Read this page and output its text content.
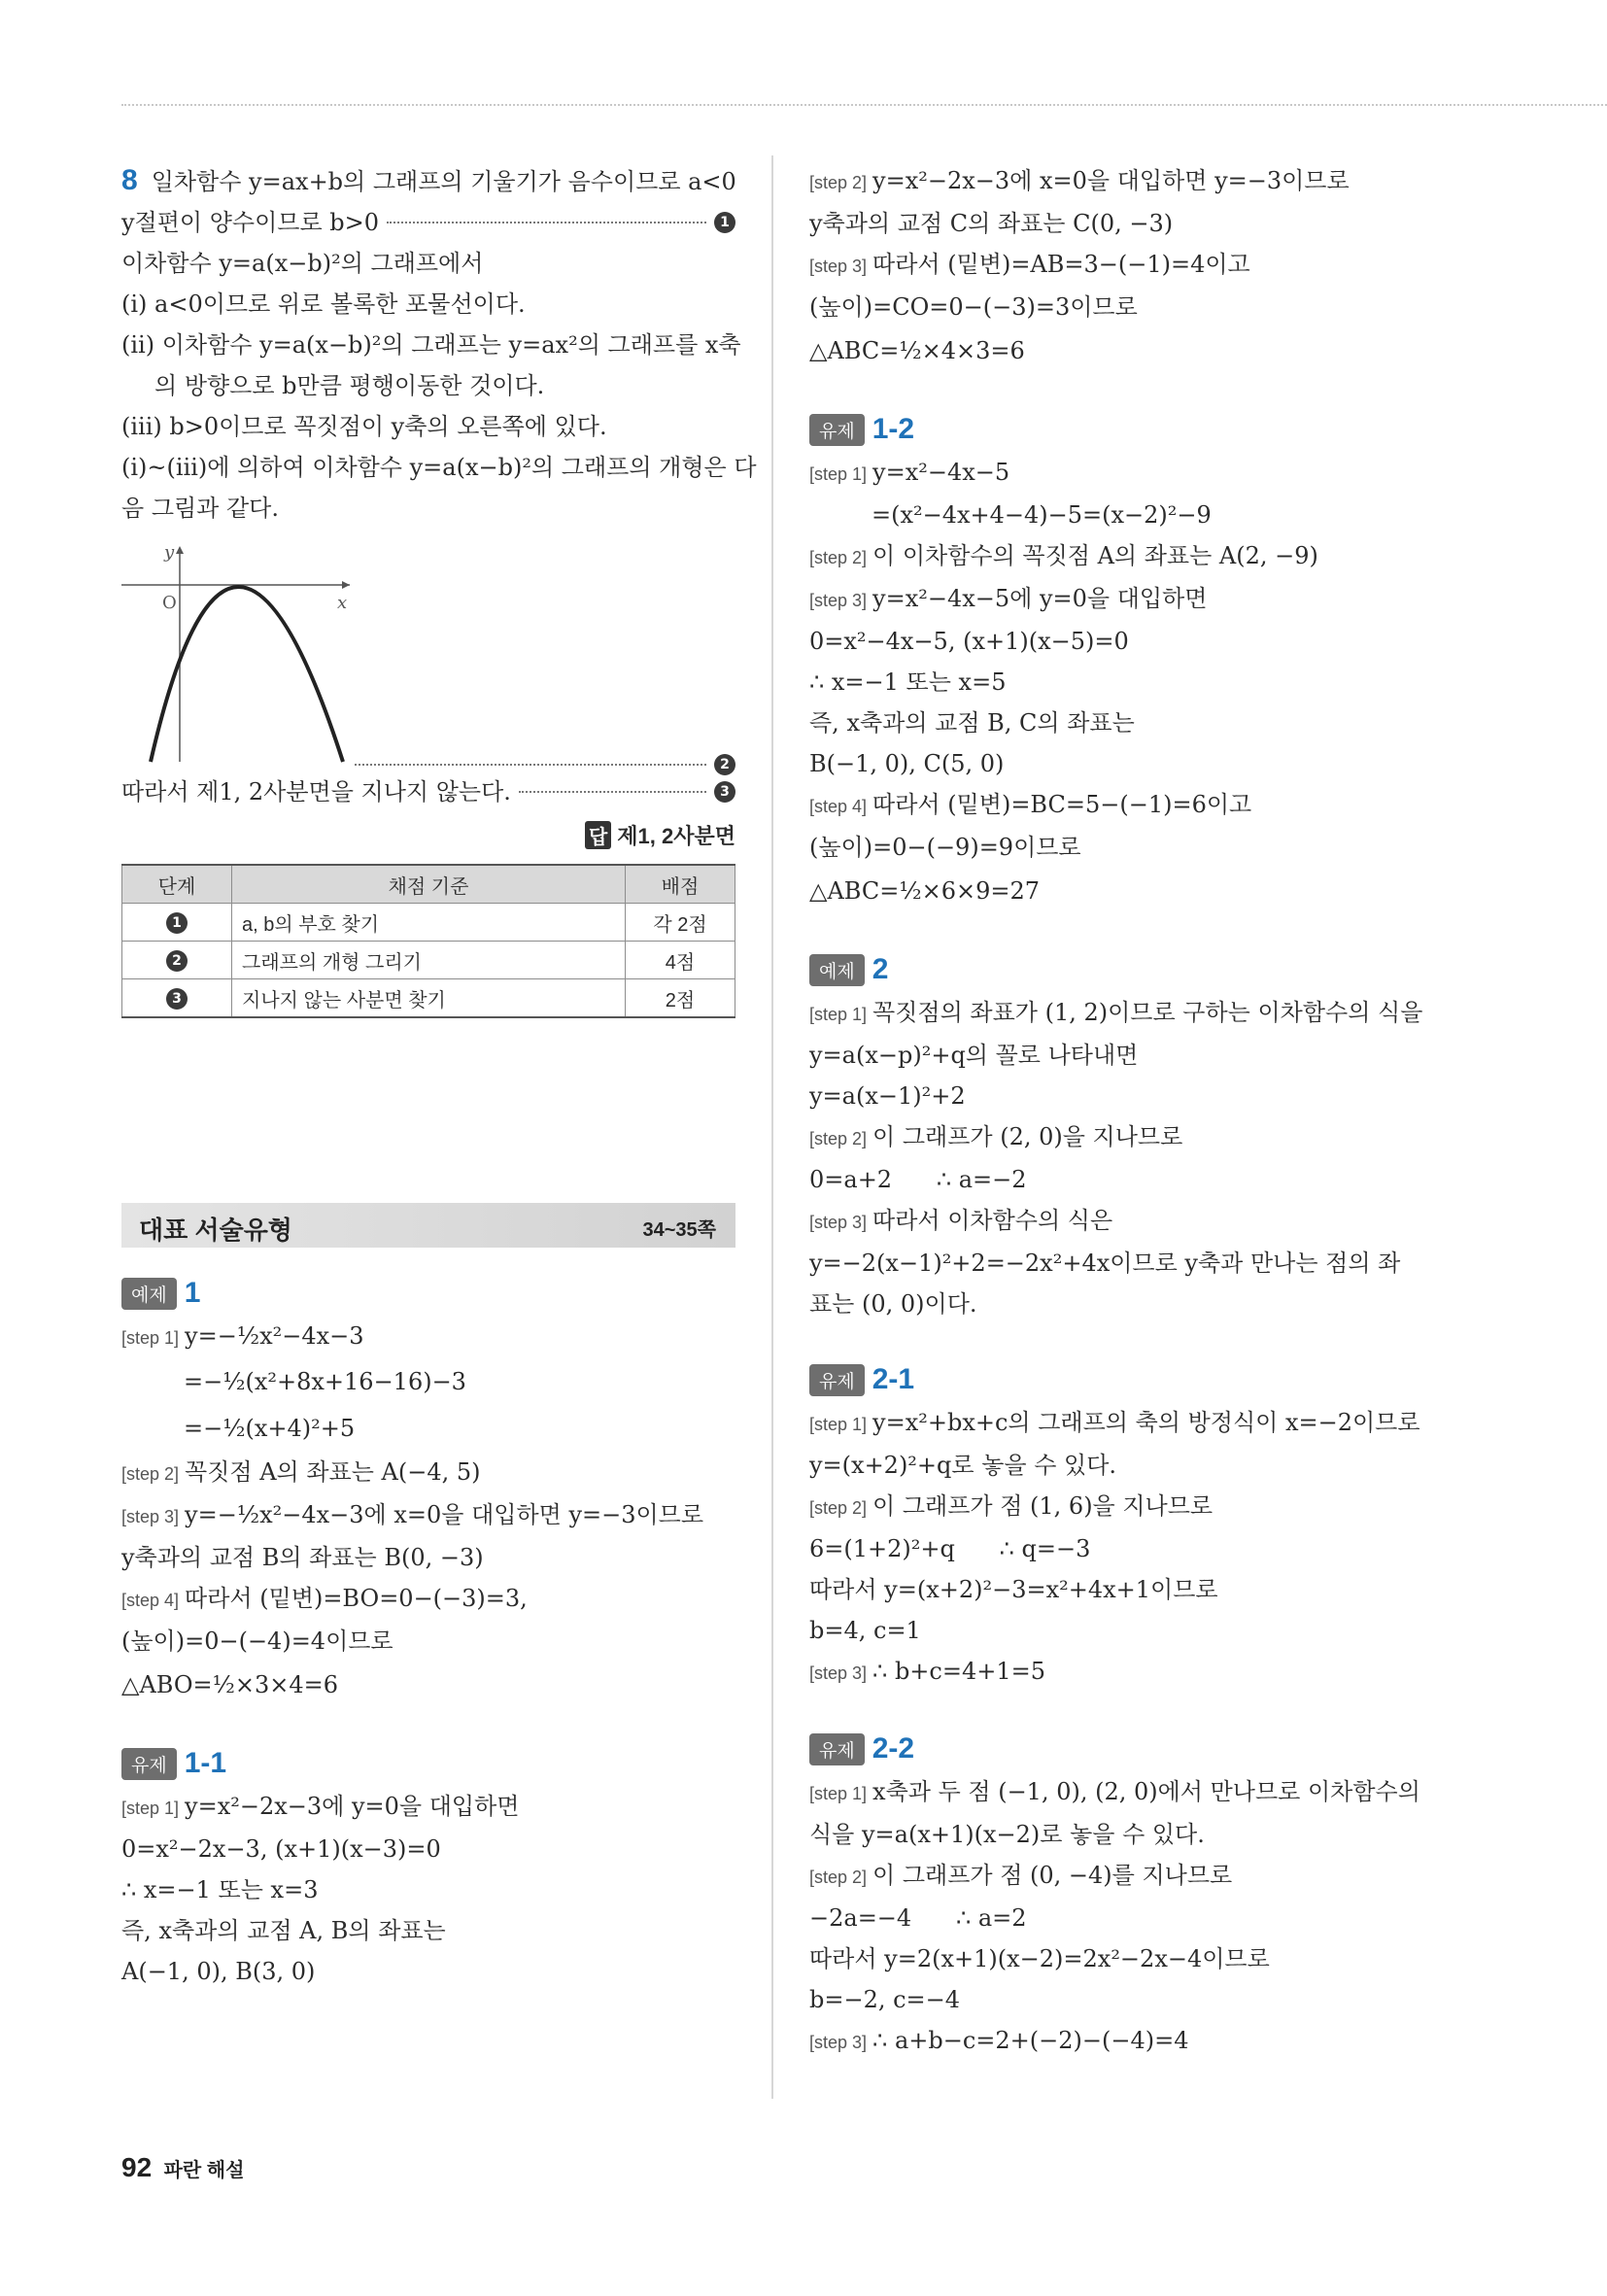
8 일차함수 y=ax+b의 그래프의 기울기가 음수이므로 a<0
y절편이 양수이므로 b>0	1
이차함수 y=a(x−b)²의 그래프에서
(ⅰ) a<0이므로 위로 볼록한 포물선이다.
(ⅱ) 이차함수 y=a(x−b)²의 그래프는 y=ax²의 그래프를 x축
의 방향으로 b만큼 평행이동한 것이다.
(ⅲ) b>0이므로 꼭짓점이 y축의 오른쪽에 있다.
(ⅰ)~(ⅲ)에 의하여 이차함수 y=a(x−b)²의 그래프의 개형은 다
음 그림과 같다.
y
x
O
2
따라서 제1, 2사분면을 지나지 않는다.	3
답 제1, 2사분면
단계	채점 기준	배점
1	a, b의 부호 찾기	각 2점
2	그래프의 개형 그리기	4점
3	지나지 않는 사분면 찾기	2점
대표 서술유형	34~35쪽
예제 1
[step 1] y=−½x²−4x−3
=−½(x²+8x+16−16)−3
=−½(x+4)²+5
[step 2] 꼭짓점 A의 좌표는 A(−4, 5)
[step 3] y=−½x²−4x−3에 x=0을 대입하면 y=−3이므로
y축과의 교점 B의 좌표는 B(0, −3)
[step 4] 따라서 (밑변)=BO=0−(−3)=3,
(높이)=0−(−4)=4이므로
△ABO=½×3×4=6
유제 1-1
[step 1] y=x²−2x−3에 y=0을 대입하면
0=x²−2x−3, (x+1)(x−3)=0
∴ x=−1 또는 x=3
즉, x축과의 교점 A, B의 좌표는
A(−1, 0), B(3, 0)
[step 2] y=x²−2x−3에 x=0을 대입하면 y=−3이므로
y축과의 교점 C의 좌표는 C(0, −3)
[step 3] 따라서 (밑변)=AB=3−(−1)=4이고
(높이)=CO=0−(−3)=3이므로
△ABC=½×4×3=6
유제 1-2
[step 1] y=x²−4x−5
=(x²−4x+4−4)−5=(x−2)²−9
[step 2] 이 이차함수의 꼭짓점 A의 좌표는 A(2, −9)
[step 3] y=x²−4x−5에 y=0을 대입하면
0=x²−4x−5, (x+1)(x−5)=0
∴ x=−1 또는 x=5
즉, x축과의 교점 B, C의 좌표는
B(−1, 0), C(5, 0)
[step 4] 따라서 (밑변)=BC=5−(−1)=6이고
(높이)=0−(−9)=9이므로
△ABC=½×6×9=27
예제 2
[step 1] 꼭짓점의 좌표가 (1, 2)이므로 구하는 이차함수의 식을
y=a(x−p)²+q의 꼴로 나타내면
y=a(x−1)²+2
[step 2] 이 그래프가 (2, 0)을 지나므로
0=a+2      ∴ a=−2
[step 3] 따라서 이차함수의 식은
y=−2(x−1)²+2=−2x²+4x이므로 y축과 만나는 점의 좌
표는 (0, 0)이다.
유제 2-1
[step 1] y=x²+bx+c의 그래프의 축의 방정식이 x=−2이므로
y=(x+2)²+q로 놓을 수 있다.
[step 2] 이 그래프가 점 (1, 6)을 지나므로
6=(1+2)²+q      ∴ q=−3
따라서 y=(x+2)²−3=x²+4x+1이므로
b=4, c=1
[step 3] ∴ b+c=4+1=5
유제 2-2
[step 1] x축과 두 점 (−1, 0), (2, 0)에서 만나므로 이차함수의
식을 y=a(x+1)(x−2)로 놓을 수 있다.
[step 2] 이 그래프가 점 (0, −4)를 지나므로
−2a=−4      ∴ a=2
따라서 y=2(x+1)(x−2)=2x²−2x−4이므로
b=−2, c=−4
[step 3] ∴ a+b−c=2+(−2)−(−4)=4
92 파란 해설
